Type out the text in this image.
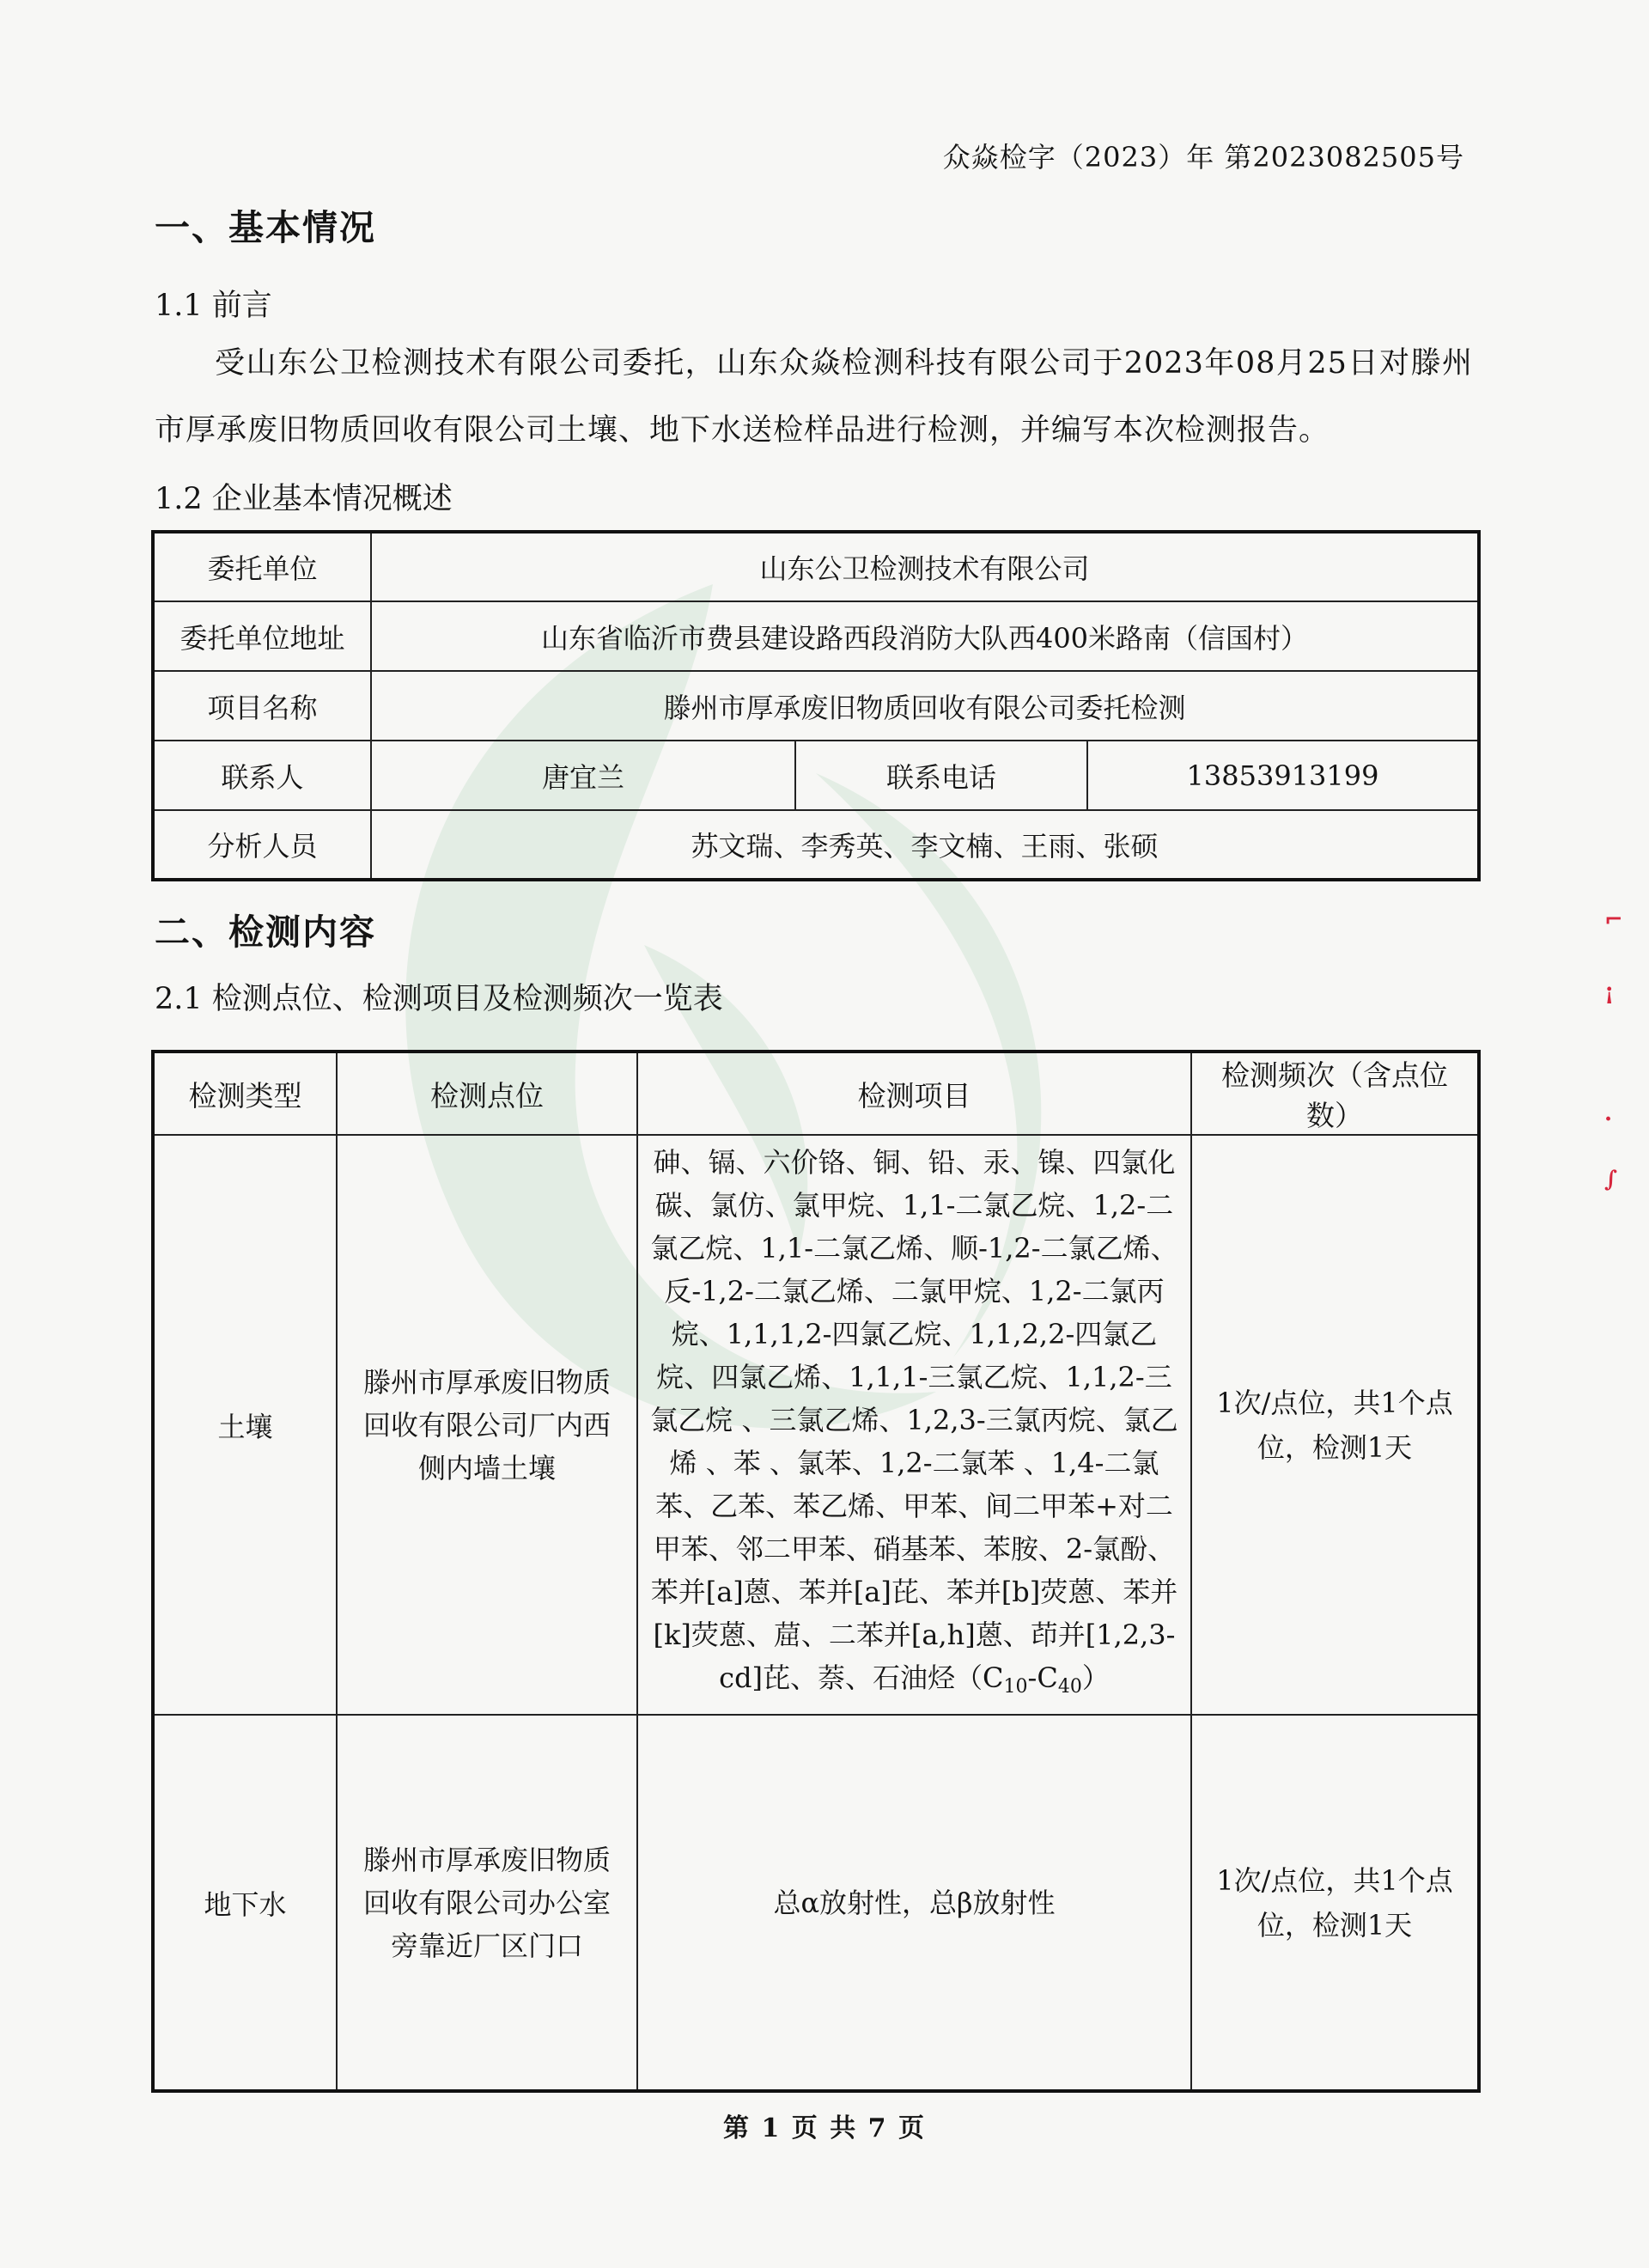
众焱检字（2023）年 第2023082505号
一、基本情况
1.1 前言
受山东公卫检测技术有限公司委托，山东众焱检测科技有限公司于2023年08月25日对滕州市厚承废旧物质回收有限公司土壤、地下水送检样品进行检测，并编写本次检测报告。
1.2 企业基本情况概述
委托单位	山东公卫检测技术有限公司		
委托单位地址	山东省临沂市费县建设路西段消防大队西400米路南（信国村）		
项目名称	滕州市厚承废旧物质回收有限公司委托检测		
联系人	唐宜兰	联系电话	13853913199
分析人员	苏文瑞、李秀英、李文楠、王雨、张硕		
二、检测内容
2.1 检测点位、检测项目及检测频次一览表
检测类型	检测点位	检测项目	检测频次（含点位数）
土壤	滕州市厚承废旧物质回收有限公司厂内西侧内墙土壤	砷、镉、六价铬、铜、铅、汞、镍、四氯化碳、氯仿、氯甲烷、1,1-二氯乙烷、1,2-二氯乙烷、1,1-二氯乙烯、顺-1,2-二氯乙烯、反-1,2-二氯乙烯、二氯甲烷、1,2-二氯丙烷、1,1,1,2-四氯乙烷、1,1,2,2-四氯乙烷、四氯乙烯、1,1,1-三氯乙烷、1,1,2-三氯乙烷 、三氯乙烯、1,2,3-三氯丙烷、氯乙烯 、苯 、氯苯、1,2-二氯苯 、1,4-二氯苯、乙苯、苯乙烯、甲苯、间二甲苯+对二甲苯、邻二甲苯、硝基苯、苯胺、2-氯酚、苯并[a]蒽、苯并[a]芘、苯并[b]荧蒽、苯并[k]荧蒽、䓛、二苯并[a,h]蒽、茚并[1,2,3-cd]芘、萘、石油烃$(C_{10}-C_{40})$	1次/点位，共1个点位，检测1天
地下水	滕州市厚承废旧物质回收有限公司办公室旁靠近厂区门口	总α放射性，总β放射性	1次/点位，共1个点位，检测1天
⌐
¡
·
∫
第 1 页 共 7 页
